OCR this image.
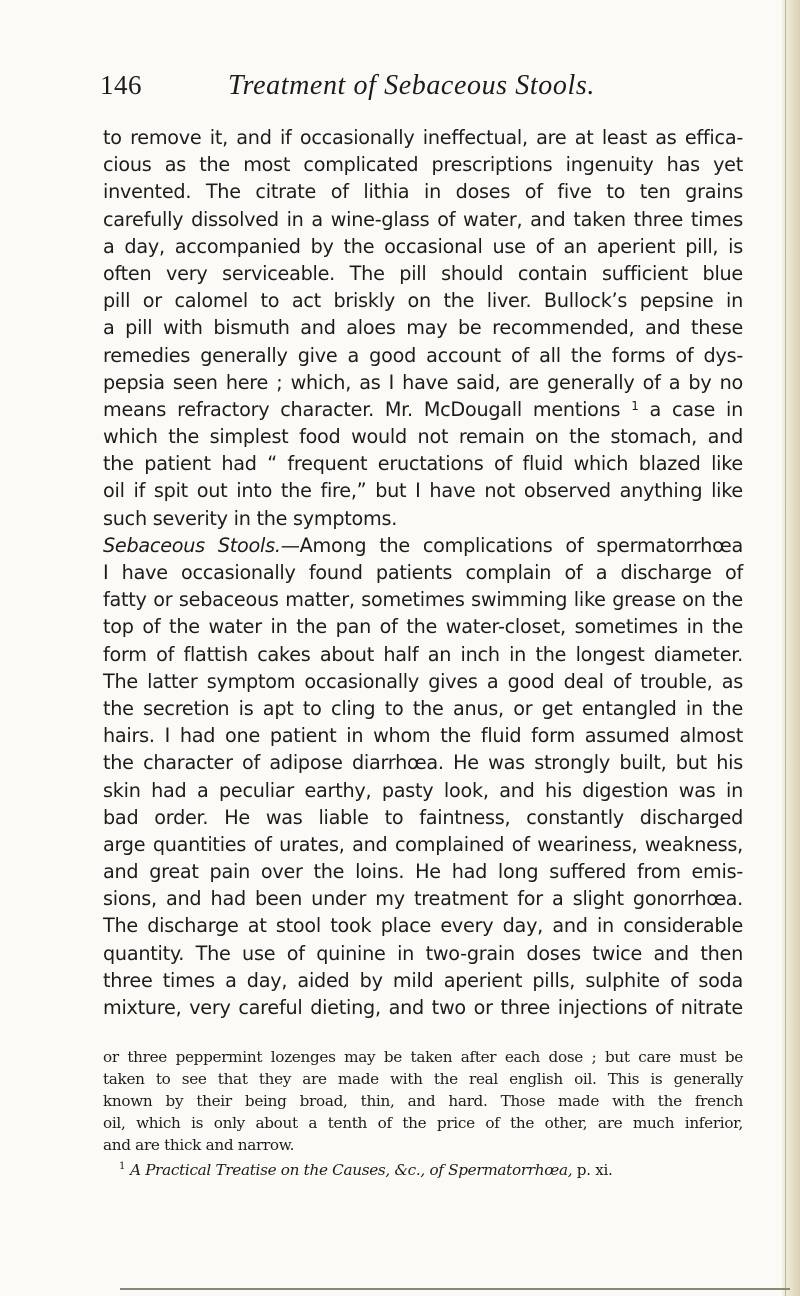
146	Treatment of Sebaceous Stools.
to remove it, and if occasionally ineffectual, are at least as effica-
cious as the most complicated prescriptions ingenuity has yet
invented. The citrate of lithia in doses of five to ten grains
carefully dissolved in a wine-glass of water, and taken three times
a day, accompanied by the occasional use of an aperient pill, is
often very serviceable. The pill should contain sufficient blue
pill or calomel to act briskly on the liver. Bullock’s pepsine in
a pill with bismuth and aloes may be recommended, and these
remedies generally give a good account of all the forms of dys-
pepsia seen here ; which, as I have said, are generally of a by no
means refractory character. Mr. McDougall mentions $^1$ a case in
which the simplest food would not remain on the stomach, and
the patient had “ frequent eructations of fluid which blazed like
oil if spit out into the fire,” but I have not observed anything like
such severity in the symptoms.
Sebaceous Stools.—Among the complications of spermatorrhœa
I have occasionally found patients complain of a discharge of
fatty or sebaceous matter, sometimes swimming like grease on the
top of the water in the pan of the water-closet, sometimes in the
form of flattish cakes about half an inch in the longest diameter.
The latter symptom occasionally gives a good deal of trouble, as
the secretion is apt to cling to the anus, or get entangled in the
hairs. I had one patient in whom the fluid form assumed almost
the character of adipose diarrhœa. He was strongly built, but his
skin had a peculiar earthy, pasty look, and his digestion was in
bad order. He was liable to faintness, constantly discharged
arge quantities of urates, and complained of weariness, weakness,
and great pain over the loins. He had long suffered from emis-
sions, and had been under my treatment for a slight gonorrhœa.
The discharge at stool took place every day, and in considerable
quantity. The use of quinine in two-grain doses twice and then
three times a day, aided by mild aperient pills, sulphite of soda
mixture, very careful dieting, and two or three injections of nitrate
or three peppermint lozenges may be taken after each dose ; but care must be
taken to see that they are made with the real english oil. This is generally
known by their being broad, thin, and hard. Those made with the french
oil, which is only about a tenth of the price of the other, are much inferior,
and are thick and narrow.
$^1$ A Practical Treatise on the Causes, &c., of Spermatorrhœa, p. xi.
